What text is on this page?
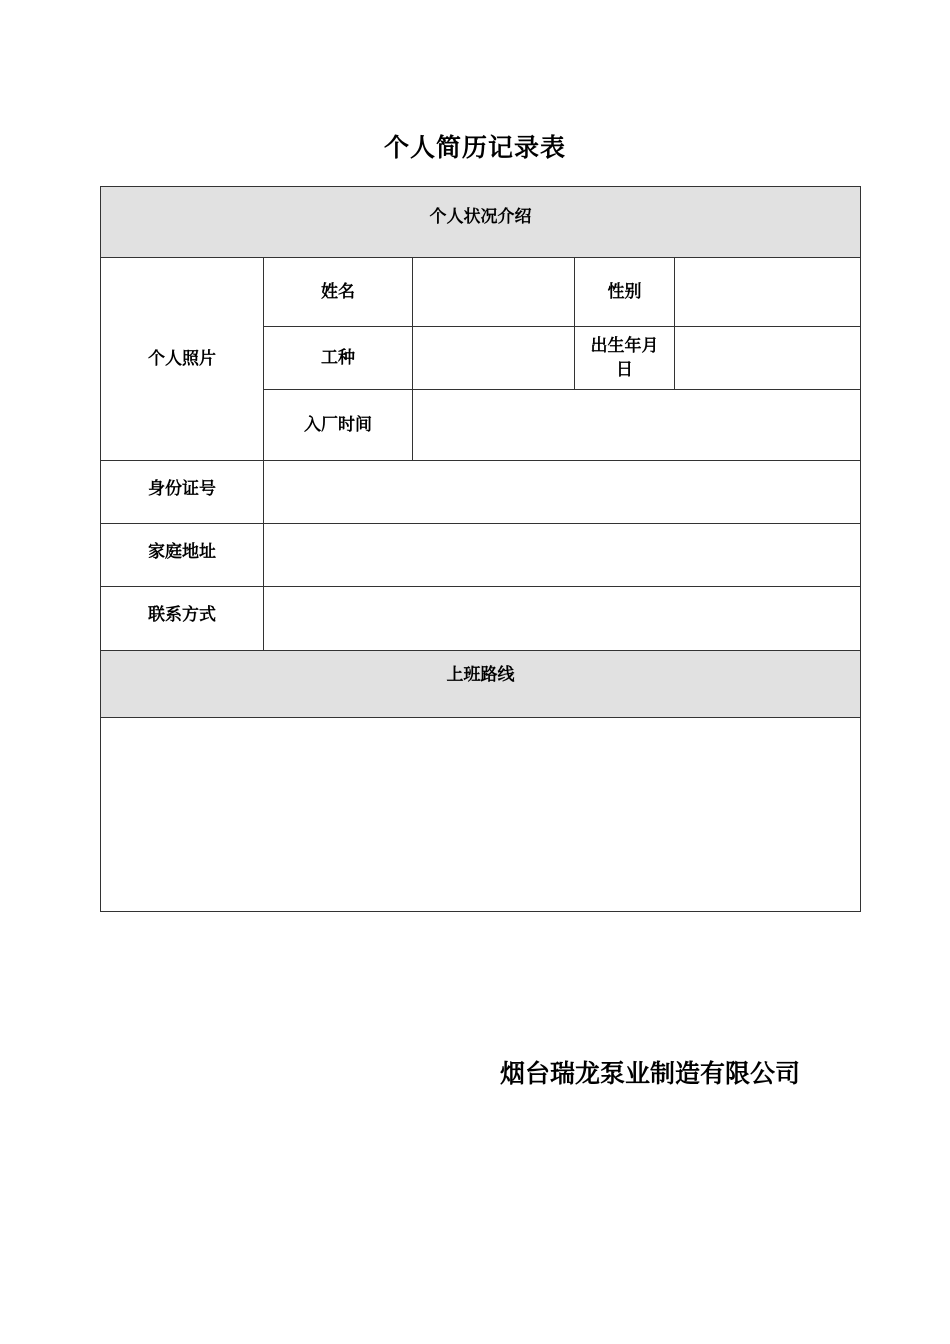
个人简历记录表
个人状况介绍				
个人照片	姓名		性别	
	工种		出生年月日	
	入厂时间			
身份证号				
家庭地址				
联系方式				
上班路线				

烟台瑞龙泵业制造有限公司
